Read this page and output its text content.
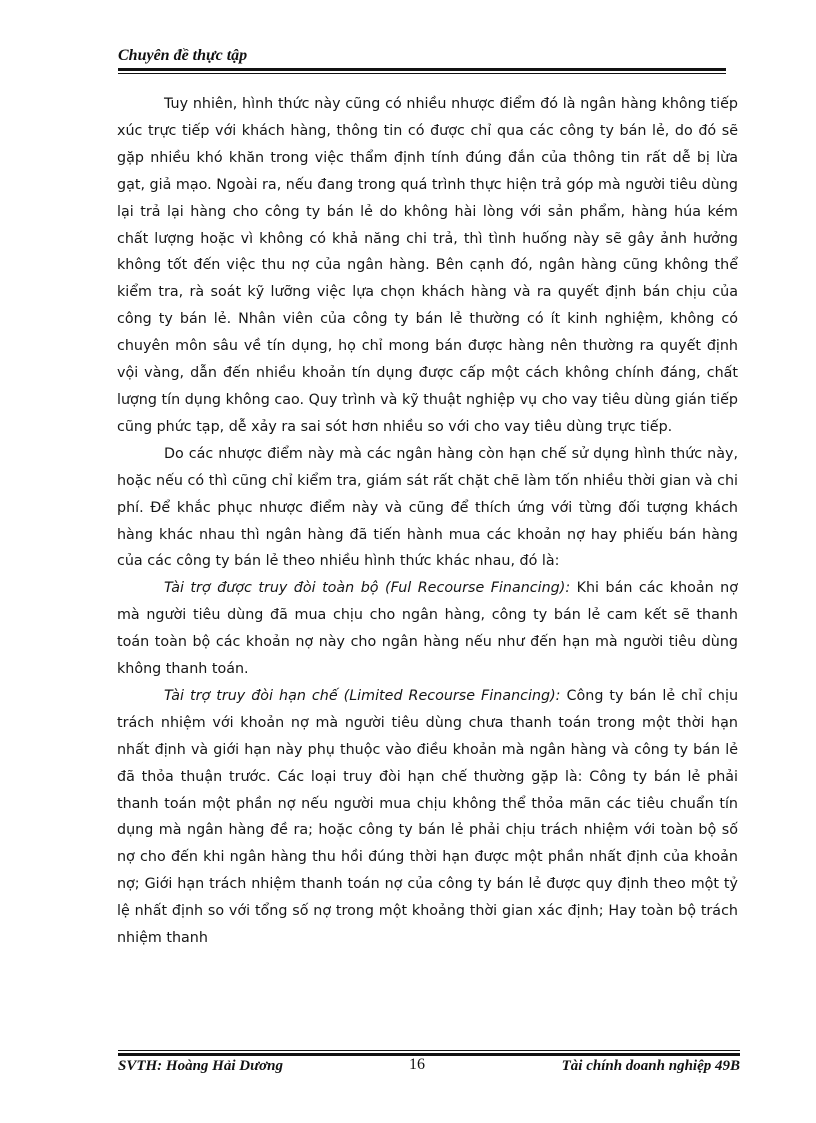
Chuyên đề thực tập

Tuy nhiên, hình thức này cũng có nhiều nhược điểm đó là ngân hàng không tiếp xúc trực tiếp với khách hàng, thông tin có được chỉ qua các công ty bán lẻ, do đó sẽ gặp nhiều khó khăn trong việc thẩm định tính đúng đắn của thông tin rất dễ bị lừa gạt, giả mạo. Ngoài ra, nếu đang trong quá trình thực hiện trả góp mà người tiêu dùng lại trả lại hàng cho công ty bán lẻ do không hài lòng với sản phẩm, hàng húa kém chất lượng hoặc vì không có khả năng chi trả, thì tình huống này sẽ gây ảnh hưởng không tốt đến việc thu nợ của ngân hàng. Bên cạnh đó, ngân hàng cũng không thể kiểm tra, rà soát kỹ lưỡng việc lựa chọn khách hàng và ra quyết định bán chịu của công ty bán lẻ. Nhân viên của công ty bán lẻ thường có ít kinh nghiệm, không có chuyên môn sâu về tín dụng, họ chỉ mong bán được hàng nên thường ra quyết định vội vàng, dẫn đến nhiều khoản tín dụng được cấp một cách không chính đáng, chất lượng tín dụng không cao. Quy trình và kỹ thuật nghiệp vụ cho vay tiêu dùng gián tiếp cũng phức tạp, dễ xảy ra sai sót hơn nhiều so với cho vay tiêu dùng trực tiếp.

Do các nhược điểm này mà các ngân hàng còn hạn chế sử dụng hình thức này, hoặc nếu có thì cũng chỉ kiểm tra, giám sát rất chặt chẽ làm tốn nhiều thời gian và chi phí. Để khắc phục nhược điểm này và cũng để thích ứng với từng đối tượng khách hàng khác nhau thì ngân hàng đã tiến hành mua các khoản nợ hay phiếu bán hàng của các công ty bán lẻ theo nhiều hình thức khác nhau, đó là:

Tài trợ được truy đòi toàn bộ (Ful Recourse Financing): Khi bán các khoản nợ mà người tiêu dùng đã mua chịu cho ngân hàng, công ty bán lẻ cam kết sẽ thanh toán toàn bộ các khoản nợ này cho ngân hàng nếu như đến hạn mà người tiêu dùng không thanh toán.

Tài trợ truy đòi hạn chế (Limited Recourse Financing): Công ty bán lẻ chỉ chịu trách nhiệm với khoản nợ mà người tiêu dùng chưa thanh toán trong một thời hạn nhất định và giới hạn này phụ thuộc vào điều khoản mà ngân hàng và công ty bán lẻ đã thỏa thuận trước. Các loại truy đòi hạn chế thường gặp là: Công ty bán lẻ phải thanh toán một phần nợ nếu người mua chịu không thể thỏa mãn các tiêu chuẩn tín dụng mà ngân hàng đề ra; hoặc công ty bán lẻ phải chịu trách nhiệm với toàn bộ số nợ cho đến khi ngân hàng thu hồi đúng thời hạn được một phần nhất định của khoản nợ; Giới hạn trách nhiệm thanh toán nợ của công ty bán lẻ được quy định theo một tỷ lệ nhất định so với tổng số nợ trong một khoảng thời gian xác định; Hay toàn bộ trách nhiệm thanh

SVTH: Hoàng Hải Dương	16	Tài chính doanh nghiệp 49B
